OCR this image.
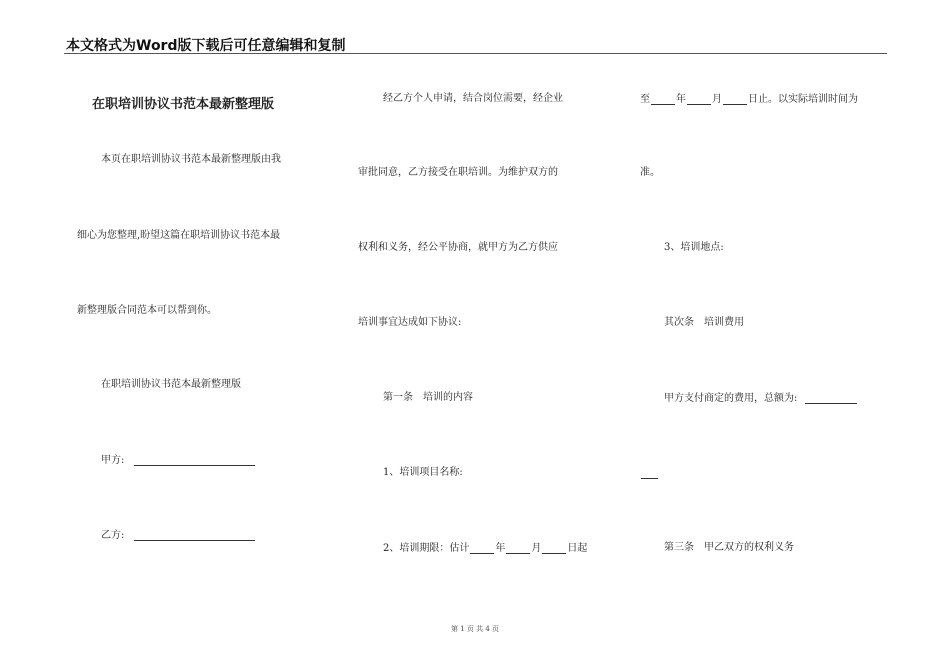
本文格式为Word版下载后可任意编辑和复制
在职培训协议书范本最新整理版
本页在职培训协议书范本最新整理版由我
细心为您整理,盼望这篇在职培训协议书范本最
新整理版合同范本可以帮到你。
在职培训协议书范本最新整理版
甲方:
乙方:
经乙方个人申请，结合岗位需要，经企业
审批同意，乙方接受在职培训。为维护双方的
权利和义务，经公平协商，就甲方为乙方供应
培训事宜达成如下协议:
第一条　培训的内容
1、培训项目名称:
2、培训期限：估计	年	月	日起
至	年	月	日止。以实际培训时间为
准。
3、培训地点:
其次条　培训费用
甲方支付商定的费用，总额为:
第三条　甲乙双方的权利义务
第 1 页 共 4 页
